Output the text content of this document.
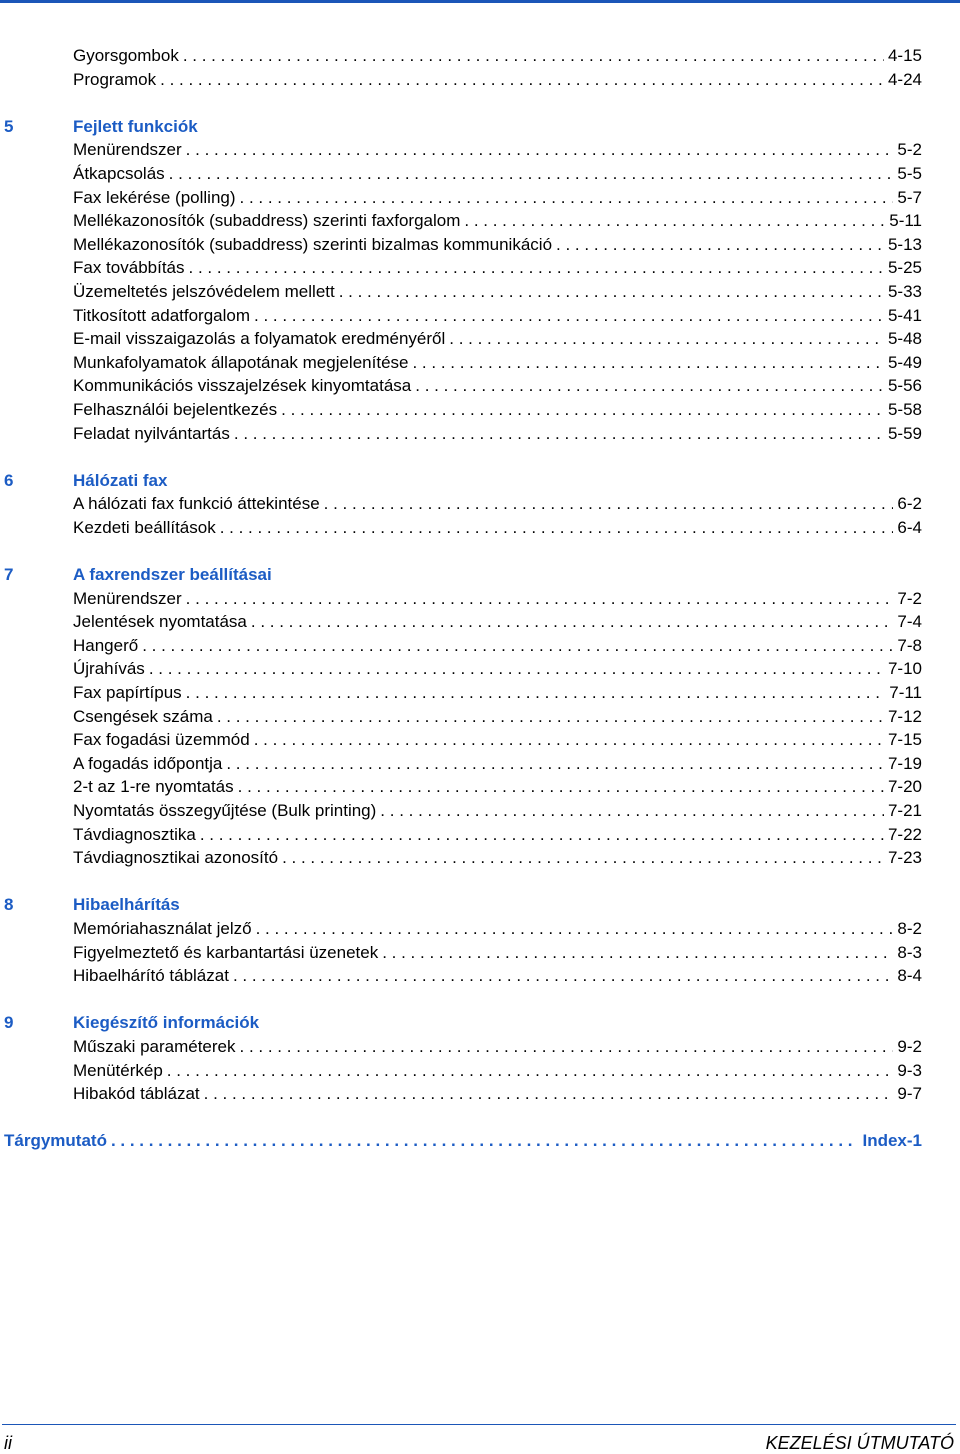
Gyorsgombok . . .	4-15
Programok . . .	4-24
5	Fejlett funkciók
Menürendszer . . .	5-2
Átkapcsolás . . .	5-5
Fax lekérése (polling) . . .	5-7
Mellékazonosítók (subaddress) szerinti faxforgalom . . .	5-11
Mellékazonosítók (subaddress) szerinti bizalmas kommunikáció . . .	5-13
Fax továbbítás . . .	5-25
Üzemeltetés jelszóvédelem mellett . . .	5-33
Titkosított adatforgalom . . .	5-41
E-mail visszaigazolás a folyamatok eredményéről . . .	5-48
Munkafolyamatok állapotának megjelenítése . . .	5-49
Kommunikációs visszajelzések kinyomtatása . . .	5-56
Felhasználói bejelentkezés . . .	5-58
Feladat nyilvántartás . . .	5-59
6	Hálózati fax
A hálózati fax funkció áttekintése . . .	6-2
Kezdeti beállítások . . .	6-4
7	A faxrendszer beállításai
Menürendszer . . .	7-2
Jelentések nyomtatása . . .	7-4
Hangerő . . .	7-8
Újrahívás . . .	7-10
Fax papírtípus . . .	7-11
Csengések száma . . .	7-12
Fax fogadási üzemmód . . .	7-15
A fogadás időpontja . . .	7-19
2-t az 1-re nyomtatás . . .	7-20
Nyomtatás összegyűjtése (Bulk printing) . . .	7-21
Távdiagnosztika . . .	7-22
Távdiagnosztikai azonosító . . .	7-23
8	Hibaelhárítás
Memóriahasználat jelző . . .	8-2
Figyelmeztető és karbantartási üzenetek . . .	8-3
Hibaelhárító táblázat . . .	8-4
9	Kiegészítő információk
Műszaki paraméterek . . .	9-2
Menütérkép . . .	9-3
Hibakód táblázat . . .	9-7
Tárgymutató . . .	Index-1
ii	KEZELÉSI ÚTMUTATÓ
